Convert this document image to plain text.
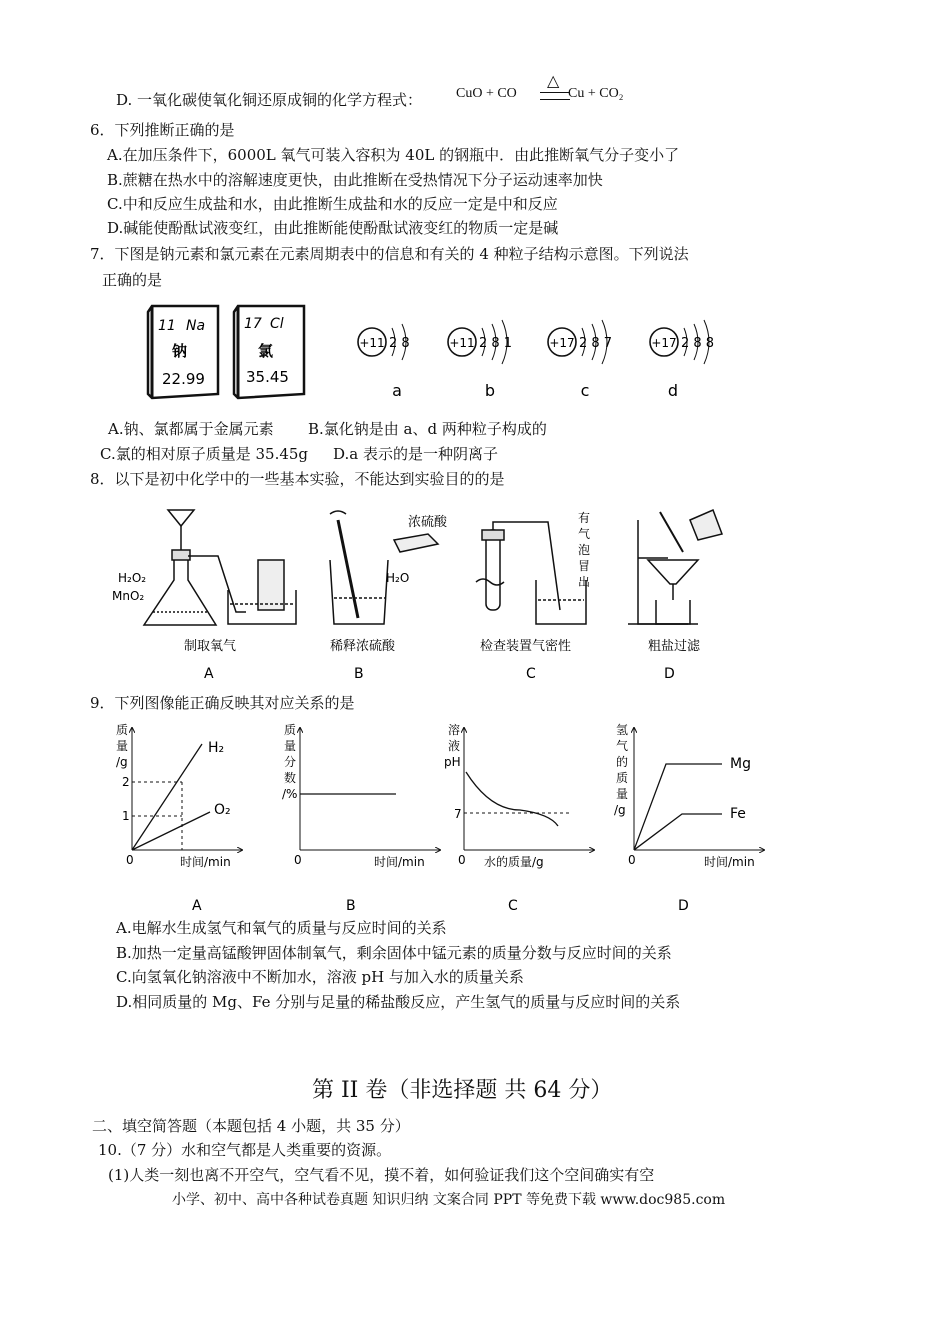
D. 一氧化碳使氧化铜还原成铜的化学方程式： CuO + CO
△
Cu + CO₂
6．下列推断正确的是
A.在加压条件下，6000L 氧气可装入容积为 40L 的钢瓶中．由此推断氧气分子变小了
B.蔗糖在热水中的溶解速度更快，由此推断在受热情况下分子运动速率加快
C.中和反应生成盐和水，由此推断生成盐和水的反应一定是中和反应
D.碱能使酚酞试液变红，由此推断能使酚酞试液变红的物质一定是碱
7．下图是钠元素和氯元素在元素周期表中的信息和有关的 4 种粒子结构示意图。下列说法
正确的是
11 Na
钠
22.99
17 Cl
氯
35.45
+11 2 8
a
+11 2 8 1
b
+17 2 8 7
c
+17 2 8 8
d
A.钠、氯都属于金属元素 B.氯化钠是由 a、d 两种粒子构成的
C.氯的相对原子质量是 35.45g D.a 表示的是一种阴离子
8．以下是初中化学中的一些基本实验，不能达到实验目的的是
H₂O₂
MnO₂
制取氧气
A
浓硫酸
H₂O
稀释浓硫酸
B
有
气
泡
冒
出
检查装置气密性
C
粗盐过滤
D
9．下列图像能正确反映其对应关系的是
质
量
/g
2
1
0
H₂
O₂
时间/min
A
质
量
分
数
/%
0	时间/min
B
溶
液
pH
7
0 水的质量/g
C
氢
气
的
质
量
/g
0
Mg
Fe
时间/min
D
A.电解水生成氢气和氧气的质量与反应时间的关系
B.加热一定量高锰酸钾固体制氧气，剩余固体中锰元素的质量分数与反应时间的关系
C.向氢氧化钠溶液中不断加水，溶液 pH 与加入水的质量关系
D.相同质量的 Mg、Fe 分别与足量的稀盐酸反应，产生氢气的质量与反应时间的关系
第 II 卷（非选择题 共 64 分）
二、填空简答题（本题包括 4 小题，共 35 分）
10.（7 分）水和空气都是人类重要的资源。
(1)人类一刻也离不开空气，空气看不见，摸不着，如何验证我们这个空间确实有空
小学、初中、高中各种试卷真题 知识归纳 文案合同 PPT 等免费下载 www.doc985.com
